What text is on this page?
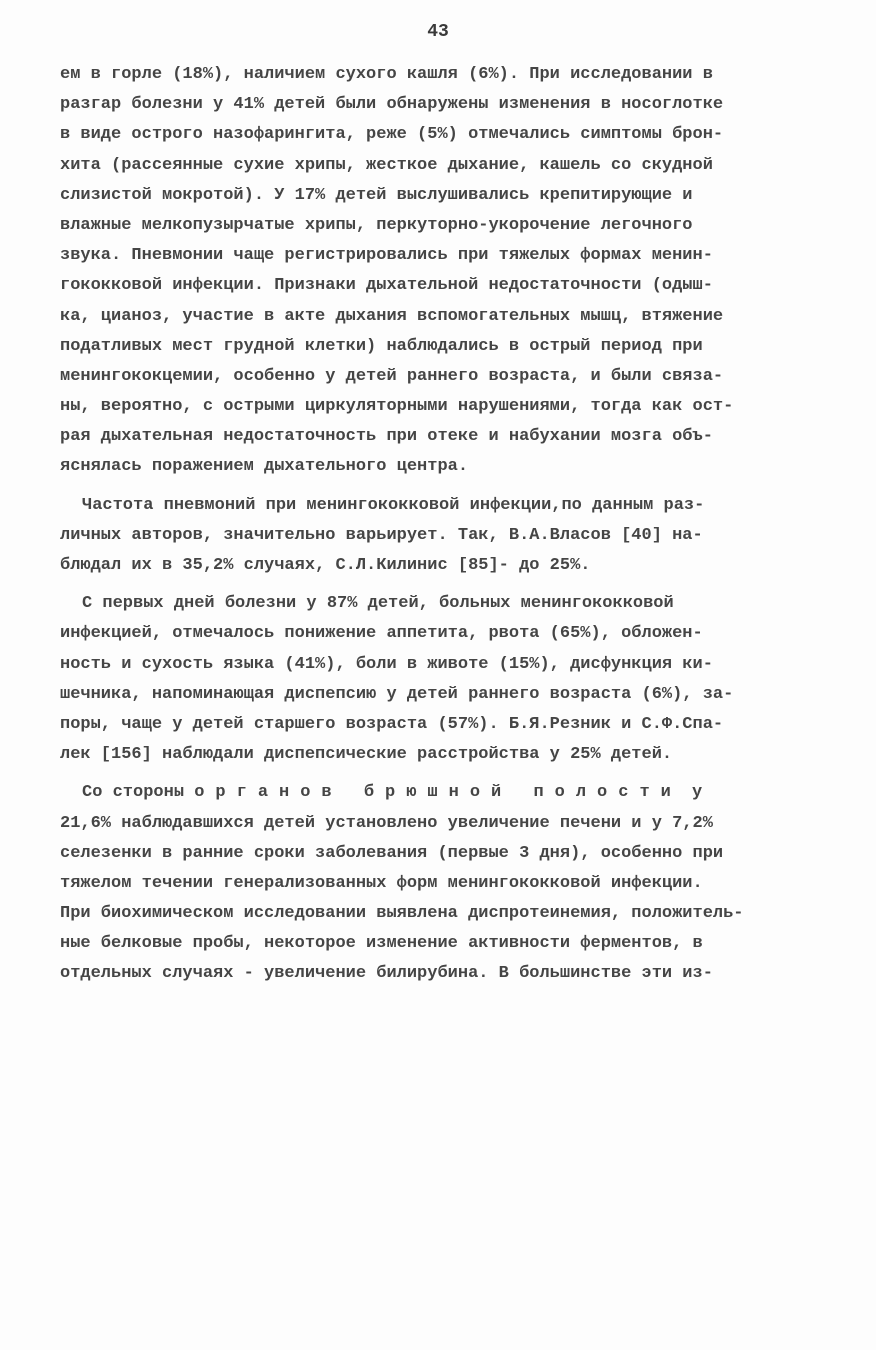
43
ем в горле (18%), наличием сухого кашля (6%). При исследовании в
разгар болезни у 41% детей были обнаружены изменения в носоглотке
в виде острого назофарингита, реже (5%) отмечались симптомы брон-
хита (рассеянные сухие хрипы, жесткое дыхание, кашель со скудной
слизистой мокротой). У 17% детей выслушивались крепитирующие и
влажные мелкопузырчатые хрипы, перкуторно-укорочение легочного
звука. Пневмонии чаще регистрировались при тяжелых формах менин-
гококковой инфекции. Признаки дыхательной недостаточности (одыш-
ка, цианоз, участие в акте дыхания вспомогательных мышц, втяжение
податливых мест грудной клетки) наблюдались в острый период при
менингококцемии, особенно у детей раннего возраста, и были связа-
ны, вероятно, с острыми циркуляторными нарушениями, тогда как ост-
рая дыхательная недостаточность при отеке и набухании мозга объ-
яснялась поражением дыхательного центра.
Частота пневмоний при менингококковой инфекции,по данным раз-
личных авторов, значительно варьирует. Так, В.А.Власов [40] на-
блюдал их в 35,2% случаях, С.Л.Килинис [85]- до 25%.
С первых дней болезни у 87% детей, больных менингококковой
инфекцией, отмечалось понижение аппетита, рвота (65%), обложен-
ность и сухость языка (41%), боли в животе (15%), дисфункция ки-
шечника, напоминающая диспепсию у детей раннего возраста (6%), за-
поры, чаще у детей старшего возраста (57%). Б.Я.Резник и С.Ф.Спа-
лек [156] наблюдали диспепсические расстройства у 25% детей.
Со стороны органов брюшной полости у
21,6% наблюдавшихся детей установлено увеличение печени и у 7,2%
селезенки в ранние сроки заболевания (первые 3 дня), особенно при
тяжелом течении генерализованных форм менингококковой инфекции.
При биохимическом исследовании выявлена диспротеинемия, положитель-
ные белковые пробы, некоторое изменение активности ферментов, в
отдельных случаях - увеличение билирубина. В большинстве эти из-
